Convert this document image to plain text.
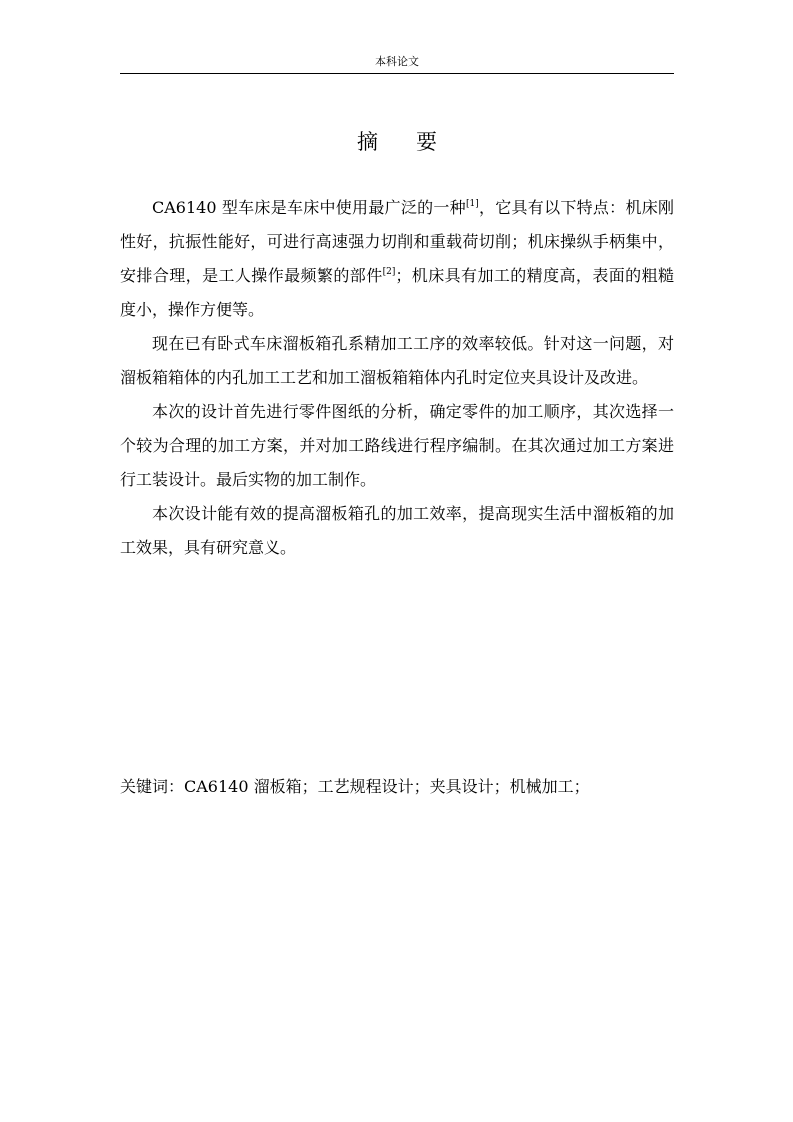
本科论文
摘要

CA6140 型车床是车床中使用最广泛的一种[1]，它具有以下特点：机床刚性好，抗振性能好，可进行高速强力切削和重载荷切削；机床操纵手柄集中，安排合理，是工人操作最频繁的部件[2]；机床具有加工的精度高，表面的粗糙度小，操作方便等。

现在已有卧式车床溜板箱孔系精加工工序的效率较低。针对这一问题，对溜板箱箱体的内孔加工工艺和加工溜板箱箱体内孔时定位夹具设计及改进。

本次的设计首先进行零件图纸的分析，确定零件的加工顺序，其次选择一个较为合理的加工方案，并对加工路线进行程序编制。在其次通过加工方案进行工装设计。最后实物的加工制作。

本次设计能有效的提高溜板箱孔的加工效率，提高现实生活中溜板箱的加工效果，具有研究意义。

关键词：CA6140 溜板箱；工艺规程设计；夹具设计；机械加工；
